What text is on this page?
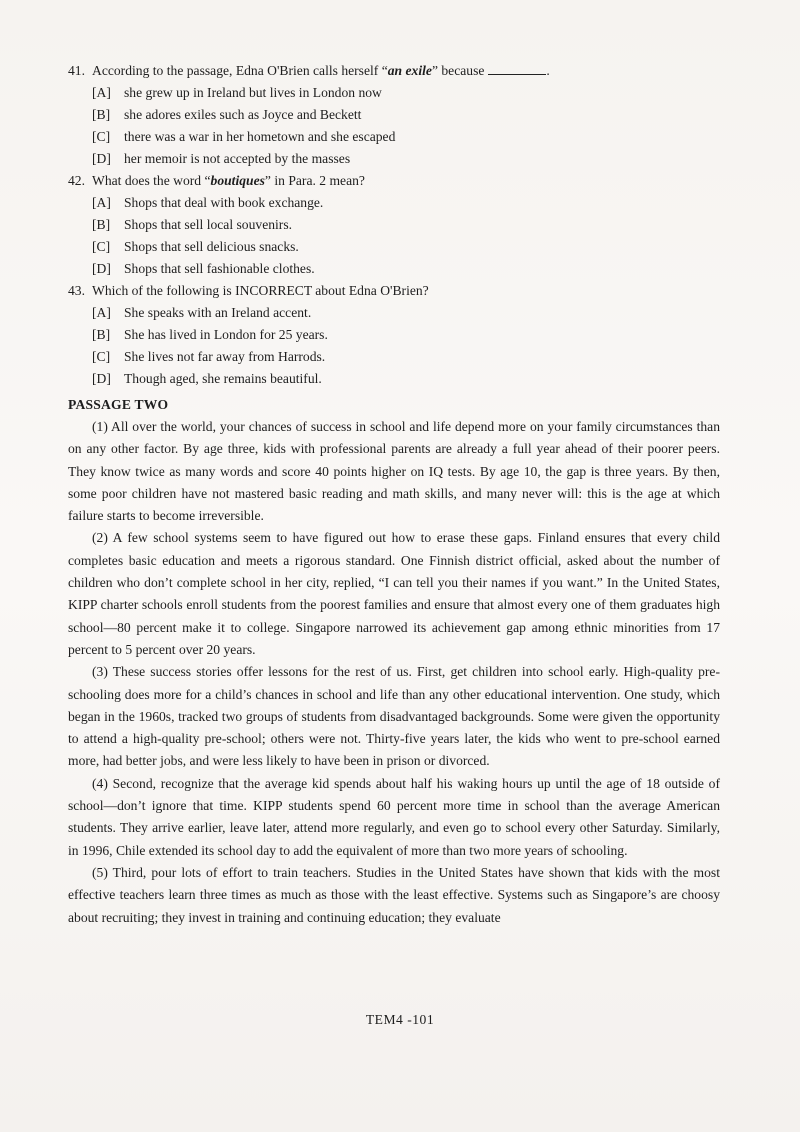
41. According to the passage, Edna O'Brien calls herself “an exile” because	.
[A] she grew up in Ireland but lives in London now
[B]	she adores exiles such as Joyce and Beckett
[C]	there was a war in her hometown and she escaped
[D] her memoir is not accepted by the masses
42. What does the word “boutiques” in Para. 2 mean?
[A] Shops that deal with book exchange.
[B]	Shops that sell local souvenirs.
[C]	Shops that sell delicious snacks.
[D] Shops that sell fashionable clothes.
43. Which of the following is INCORRECT about Edna O'Brien?
[A] She speaks with an Ireland accent.
[B]	She has lived in London for 25 years.
[C]	She lives not far away from Harrods.
[D] Though aged, she remains beautiful.
PASSAGE TWO

(1) All over the world, your chances of success in school and life depend more on your family circumstances than on any other factor. By age three, kids with professional parents are already a full year ahead of their poorer peers. They know twice as many words and score 40 points higher on IQ tests. By age 10, the gap is three years. By then, some poor children have not mastered basic reading and math skills, and many never will: this is the age at which failure starts to become irreversible.

(2) A few school systems seem to have figured out how to erase these gaps. Finland ensures that every child completes basic education and meets a rigorous standard. One Finnish district official, asked about the number of children who don’t complete school in her city, replied, “I can tell you their names if you want.” In the United States, KIPP charter schools enroll students from the poorest families and ensure that almost every one of them graduates high school—80 percent make it to college. Singapore narrowed its achievement gap among ethnic minorities from 17 percent to 5 percent over 20 years.

(3) These success stories offer lessons for the rest of us. First, get children into school early. High-quality pre-schooling does more for a child’s chances in school and life than any other educational intervention. One study, which began in the 1960s, tracked two groups of students from disadvantaged backgrounds. Some were given the opportunity to attend a high-quality pre-school; others were not. Thirty-five years later, the kids who went to pre-school earned more, had better jobs, and were less likely to have been in prison or divorced.

(4) Second, recognize that the average kid spends about half his waking hours up until the age of 18 outside of school—don’t ignore that time. KIPP students spend 60 percent more time in school than the average American students. They arrive earlier, leave later, attend more regularly, and even go to school every other Saturday. Similarly, in 1996, Chile extended its school day to add the equivalent of more than two more years of schooling.

(5) Third, pour lots of effort to train teachers. Studies in the United States have shown that kids with the most effective teachers learn three times as much as those with the least effective. Systems such as Singapore’s are choosy about recruiting; they invest in training and continuing education; they evaluate

TEM4 -101
